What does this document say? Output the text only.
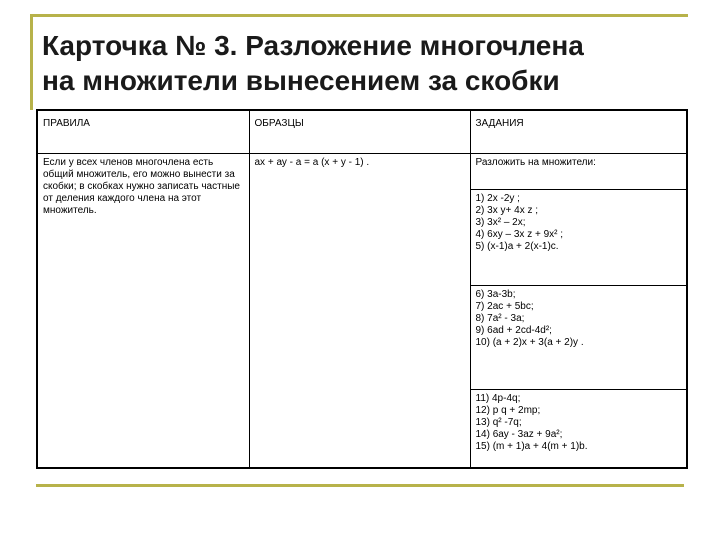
Карточка № 3. Разложение многочлена
на множители вынесением за скобки
ПРАВИЛА	ОБРАЗЦЫ	ЗАДАНИЯ

Если у всех членов многочлена есть общий множитель, его можно вынести за скобки; в скобках нужно записать частные от деления каждого члена на этот множитель.	ах + ау - а = а (х + у - 1) .	Разложить на множители:

		1) 2х -2у ;
2) 3х у+ 4х z ;
3) 3x² – 2x;
4) 6ху – 3х z + 9x² ;
5) (х-1)а + 2(х-1)с.

		6) 3а-3b;
7) 2ас + 5bс;
8) 7а² - 3а;
9) 6аd + 2cd-4d²;
10) (а + 2)х + 3(а + 2)у .

		11) 4р-4q;
12) р q + 2mр;
13) q² -7q;
14) 6ау - 3az + 9а²;
15) (m + 1)а + 4(m + 1)b.
